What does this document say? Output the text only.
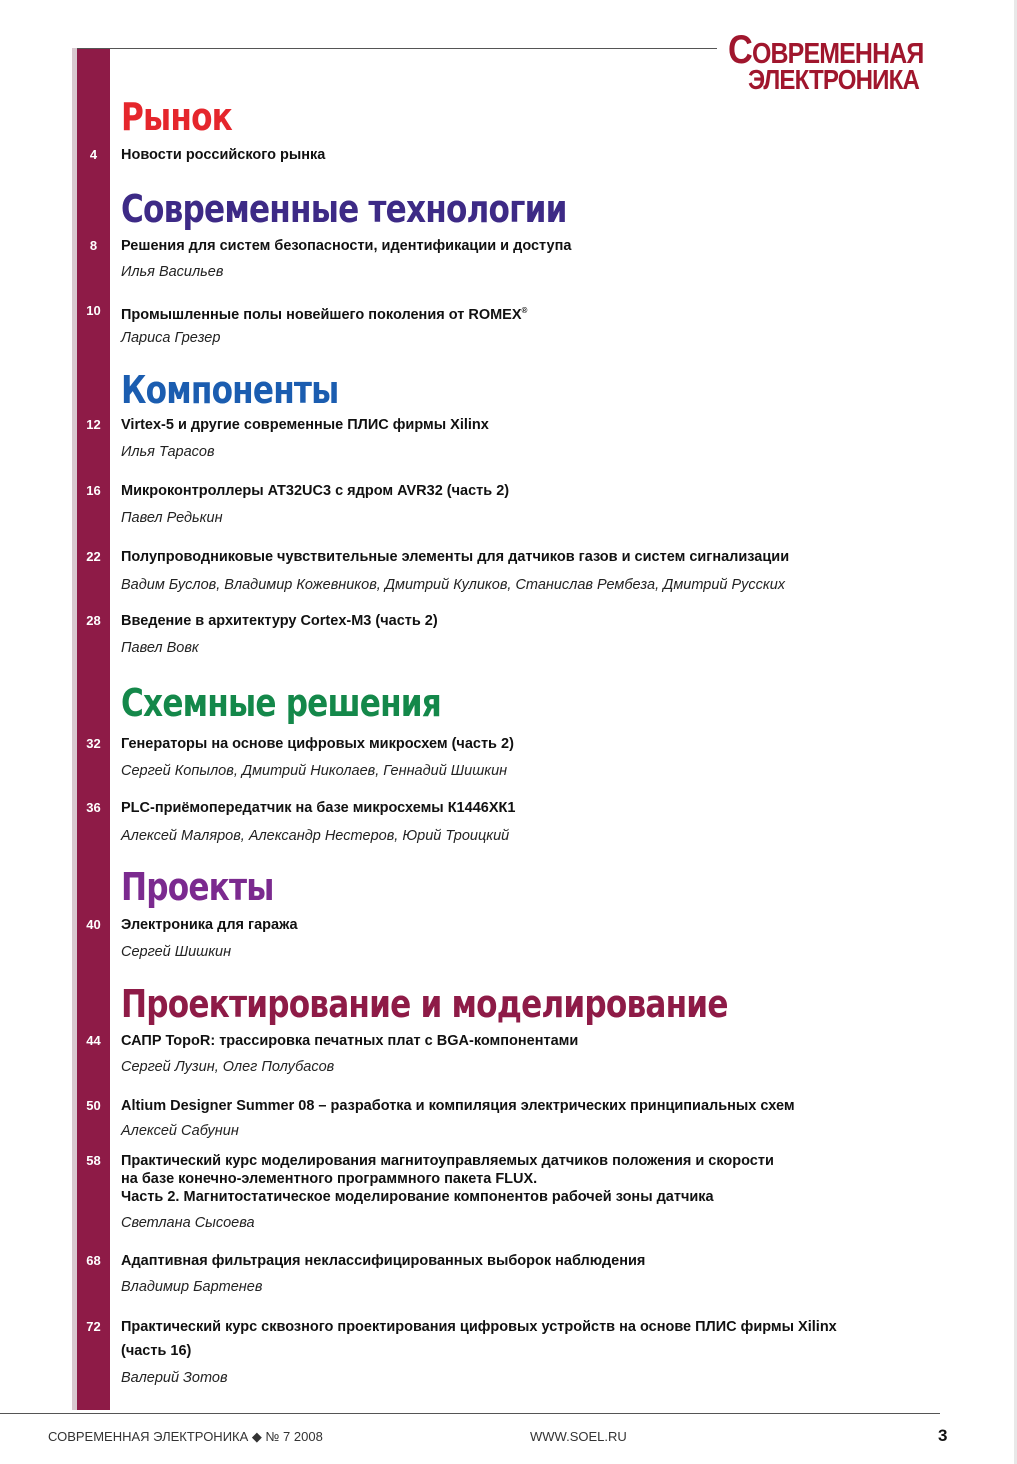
СОВРЕМЕННАЯ
ЭЛЕКТРОНИКА
Рынок
Современные технологии
Компоненты
Схемные решения
Проекты
Проектирование и моделирование
4	Новости российского рынка
8	Решения для систем безопасности, идентификации и доступа
Илья Васильев
10	Промышленные полы новейшего поколения от ROMEX®
Лариса Грезер
12	Virtex-5 и другие современные ПЛИС фирмы Xilinx
Илья Тарасов
16	Микроконтроллеры AT32UC3 с ядром AVR32 (часть 2)
Павел Редькин
22	Полупроводниковые чувствительные элементы для датчиков газов и систем сигнализации
Вадим Буслов, Владимир Кожевников, Дмитрий Куликов, Станислав Рембеза, Дмитрий Русских
28	Введение в архитектуру Cortex-M3 (часть 2)
Павел Вовк
32	Генераторы на основе цифровых микросхем (часть 2)
Сергей Копылов, Дмитрий Николаев, Геннадий Шишкин
36	PLC-приёмопередатчик на базе микросхемы К1446ХК1
Алексей Маляров, Александр Нестеров, Юрий Троицкий
40	Электроника для гаража
Сергей Шишкин
44	САПР TopoR: трассировка печатных плат с BGA-компонентами
Сергей Лузин, Олег Полубасов
50	Altium Designer Summer 08 – разработка и компиляция электрических принципиальных схем
Алексей Сабунин
58	Практический курс моделирования магнитоуправляемых датчиков положения и скорости
на базе конечно-элементного программного пакета FLUX.
Часть 2. Магнитостатическое моделирование компонентов рабочей зоны датчика
Светлана Сысоева
68	Адаптивная фильтрация неклассифицированных выборок наблюдения
Владимир Бартенев
72	Практический курс сквозного проектирования цифровых устройств на основе ПЛИС фирмы Xilinx
(часть 16)
Валерий Зотов
СОВРЕМЕННАЯ ЭЛЕКТРОНИКА ◆ № 7 2008	WWW.SOEL.RU	3
